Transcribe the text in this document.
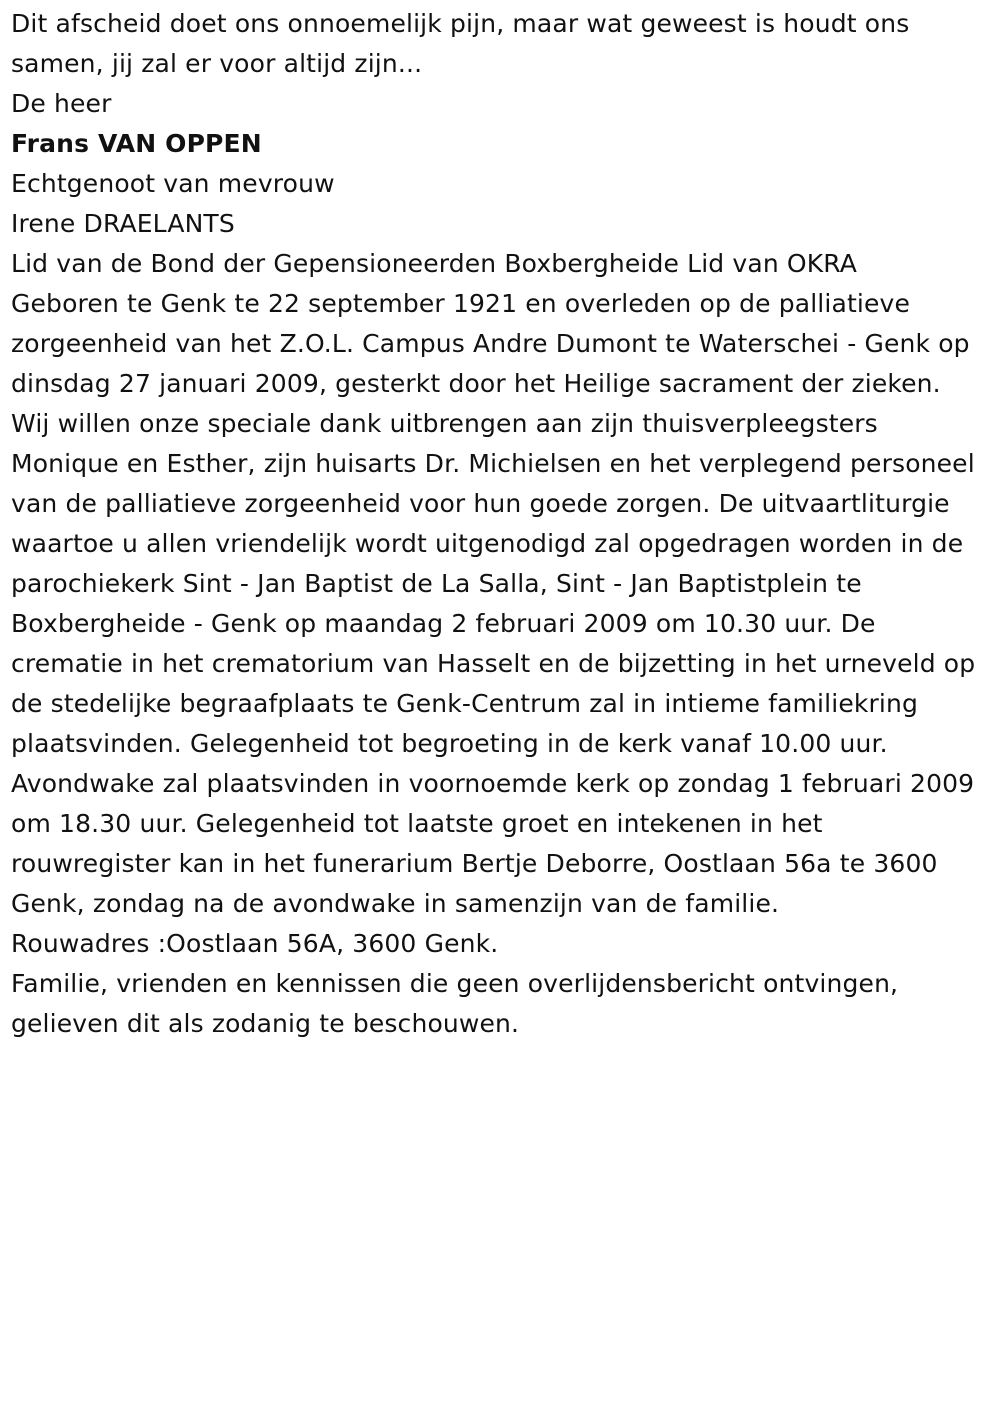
Dit afscheid doet ons onnoemelijk pijn, maar wat geweest is houdt ons samen, jij zal er voor altijd zijn...

De heer

Frans VAN OPPEN

Echtgenoot van mevrouw

Irene DRAELANTS

Lid van de Bond der Gepensioneerden Boxbergheide Lid van OKRA

Geboren te Genk te 22 september 1921 en overleden op de palliatieve zorgeenheid van het Z.O.L. Campus Andre Dumont te Waterschei - Genk op dinsdag 27 januari 2009, gesterkt door het Heilige sacrament der zieken.

Wij willen onze speciale dank uitbrengen aan zijn thuisverpleegsters Monique en Esther, zijn huisarts Dr. Michielsen en het verplegend personeel van de palliatieve zorgeenheid voor hun goede zorgen. De uitvaartliturgie waartoe u allen vriendelijk wordt uitgenodigd zal opgedragen worden in de parochiekerk Sint - Jan Baptist de La Salla, Sint - Jan Baptistplein te Boxbergheide - Genk op maandag 2 februari 2009 om 10.30 uur. De crematie in het crematorium van Hasselt en de bijzetting in het urneveld op de stedelijke begraafplaats te Genk-Centrum zal in intieme familiekring plaatsvinden. Gelegenheid tot begroeting in de kerk vanaf 10.00 uur. Avondwake zal plaatsvinden in voornoemde kerk op zondag 1 februari 2009 om 18.30 uur. Gelegenheid tot laatste groet en intekenen in het rouwregister kan in het funerarium Bertje Deborre, Oostlaan 56a te 3600 Genk, zondag na de avondwake in samenzijn van de familie.

Rouwadres :Oostlaan 56A, 3600 Genk.

Familie, vrienden en kennissen die geen overlijdensbericht ontvingen, gelieven dit als zodanig te beschouwen.
